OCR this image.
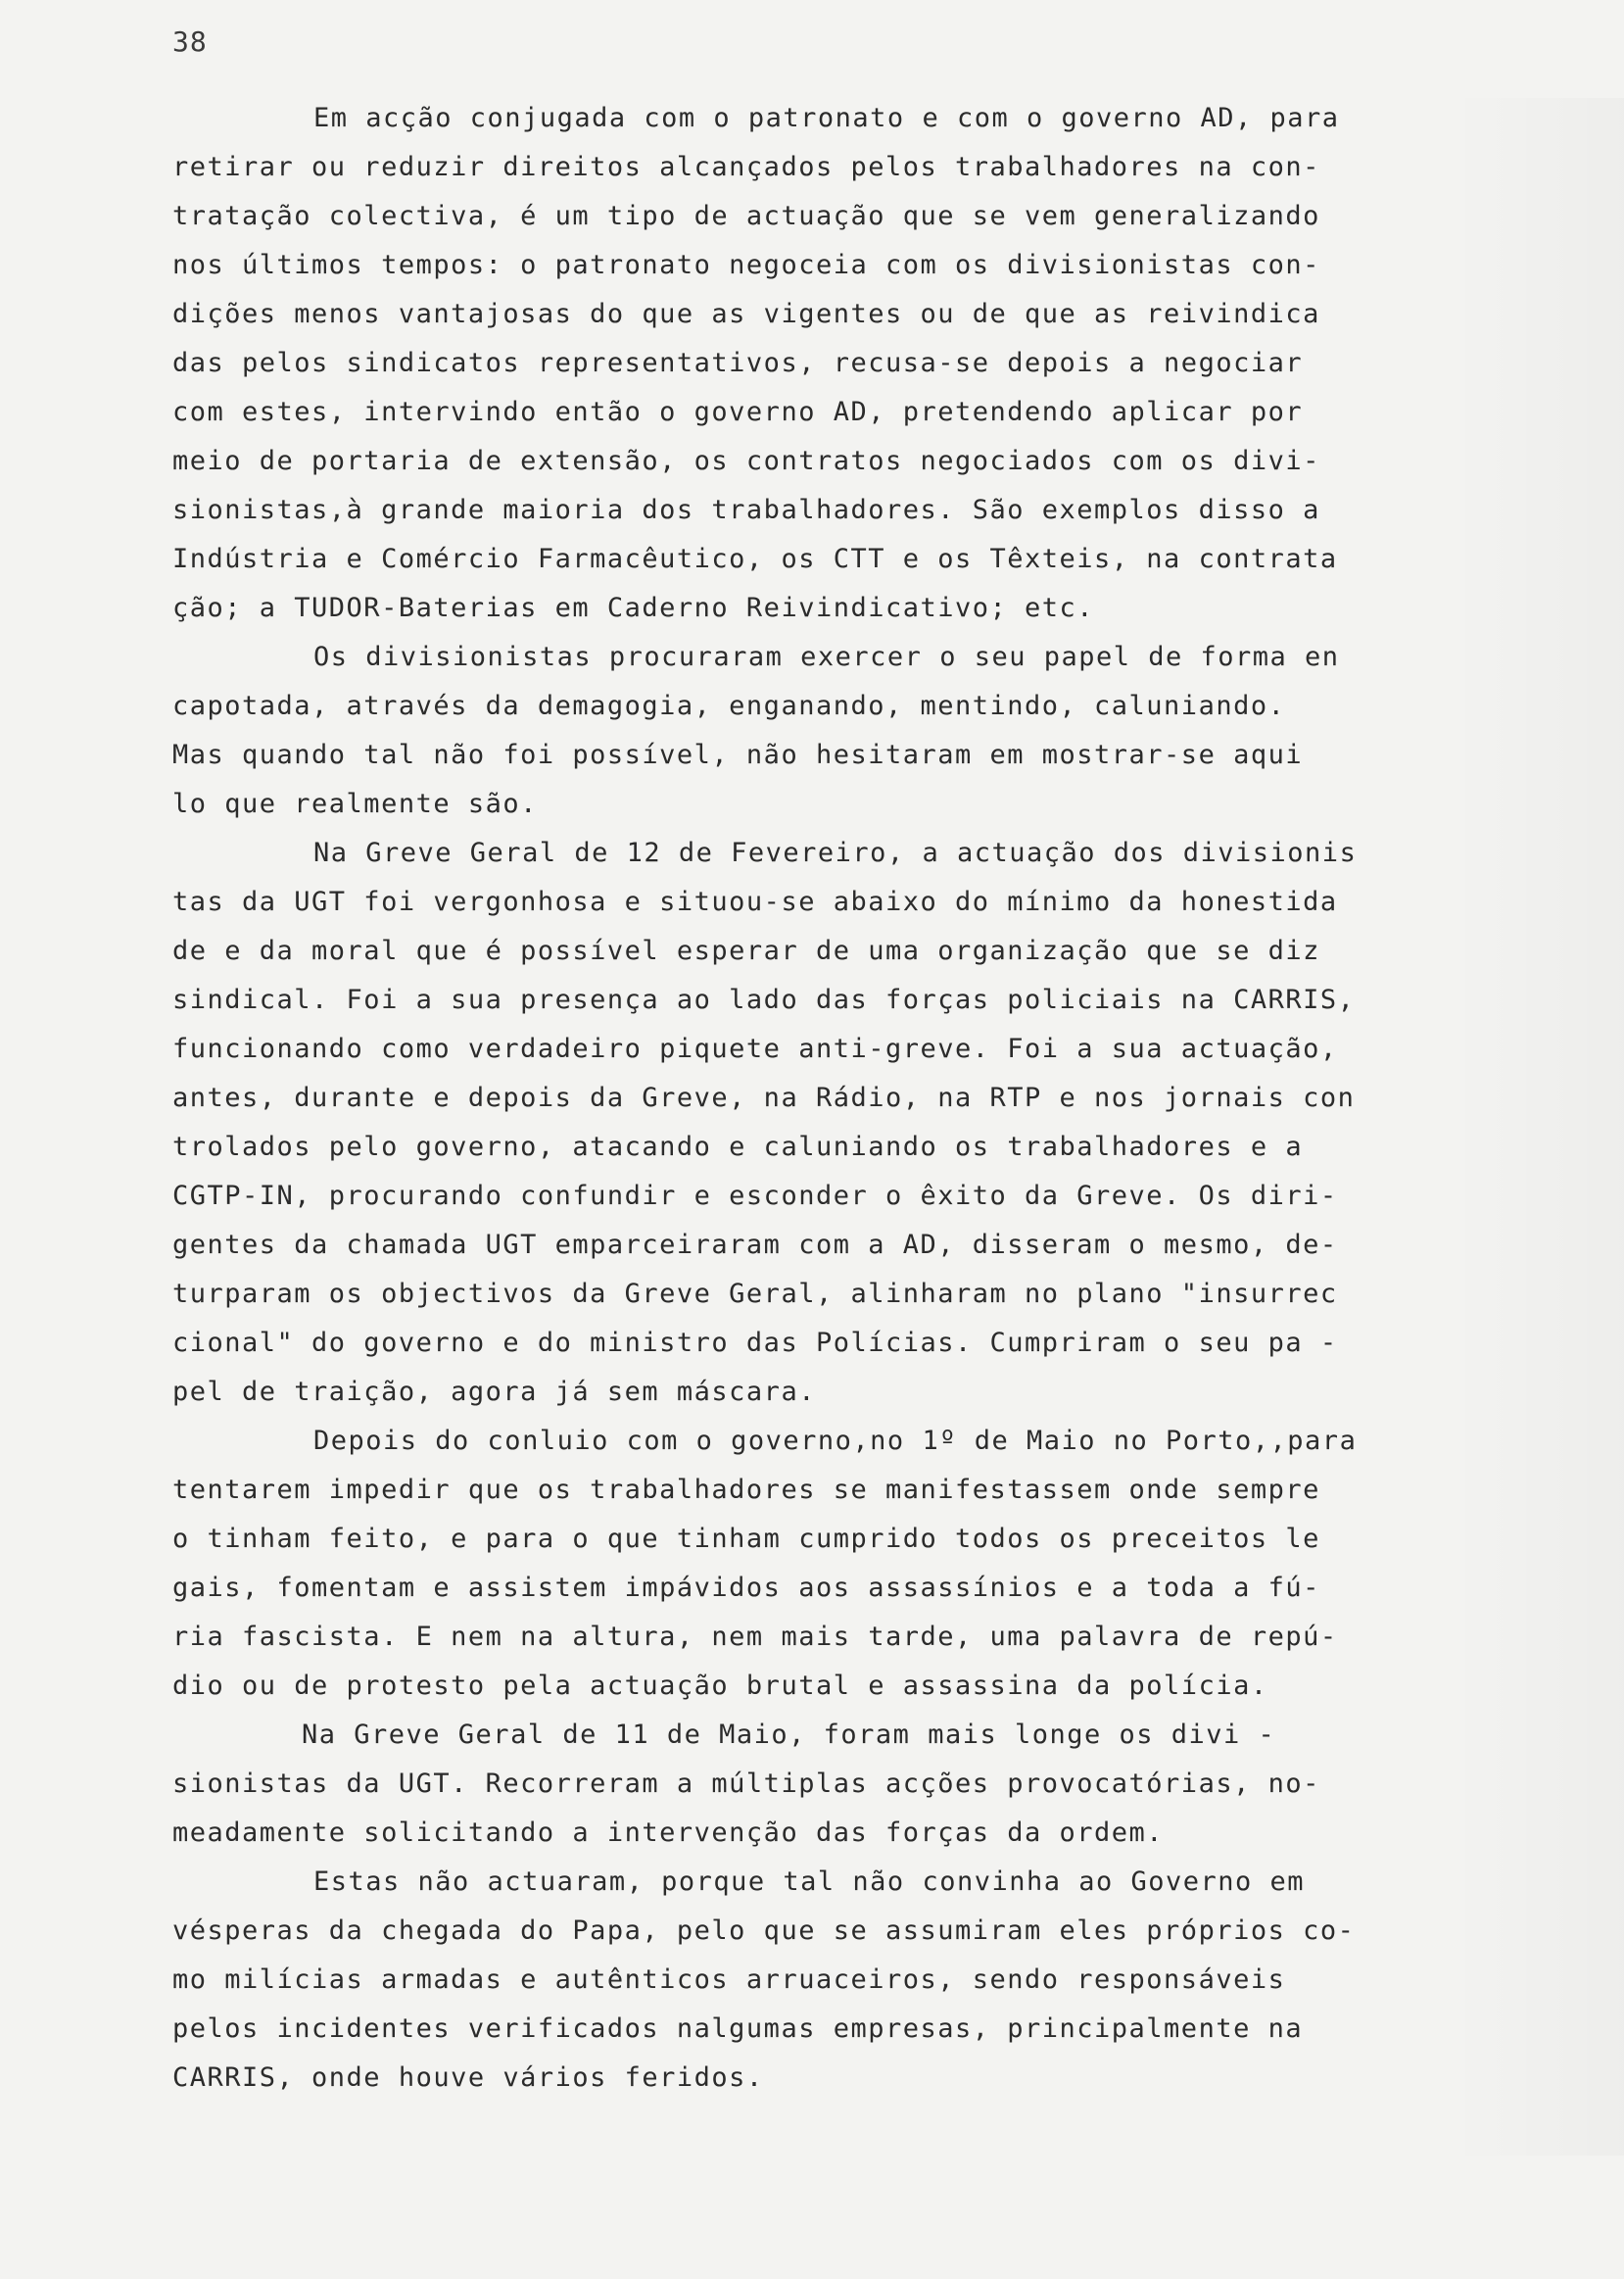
38
Em acção conjugada com o patronato e com o governo AD, para
retirar ou reduzir direitos alcançados pelos trabalhadores na con-
tratação colectiva, é um tipo de actuação que se vem generalizando
nos últimos tempos: o patronato negoceia com os divisionistas con-
dições menos vantajosas do que as vigentes ou de que as reivindica
das pelos sindicatos representativos, recusa-se depois a negociar
com estes, intervindo então o governo AD, pretendendo aplicar por
meio de portaria de extensão, os contratos negociados com os divi-
sionistas,à grande maioria dos trabalhadores. São exemplos disso a
Indústria e Comércio Farmacêutico, os CTT e os Têxteis, na contrata
ção; a TUDOR-Baterias em Caderno Reivindicativo; etc.
Os divisionistas procuraram exercer o seu papel de forma en
capotada, através da demagogia, enganando, mentindo, caluniando.
Mas quando tal não foi possível, não hesitaram em mostrar-se aqui
lo que realmente são.
Na Greve Geral de 12 de Fevereiro, a actuação dos divisionis
tas da UGT foi vergonhosa e situou-se abaixo do mínimo da honestida
de e da moral que é possível esperar de uma organização que se diz
sindical. Foi a sua presença ao lado das forças policiais na CARRIS,
funcionando como verdadeiro piquete anti-greve. Foi a sua actuação,
antes, durante e depois da Greve, na Rádio, na RTP e nos jornais con
trolados pelo governo, atacando e caluniando os trabalhadores e a
CGTP-IN, procurando confundir e esconder o êxito da Greve. Os diri-
gentes da chamada UGT emparceiraram com a AD, disseram o mesmo, de-
turparam os objectivos da Greve Geral, alinharam no plano "insurrec
cional" do governo e do ministro das Polícias. Cumpriram o seu pa -
pel de traição, agora já sem máscara.
Depois do conluio com o governo,no 1º de Maio no Porto,,para
tentarem impedir que os trabalhadores se manifestassem onde sempre
o tinham feito, e para o que tinham cumprido todos os preceitos le
gais, fomentam e assistem impávidos aos assassínios e a toda a fú-
ria fascista. E nem na altura, nem mais tarde, uma palavra de repú-
dio ou de protesto pela actuação brutal e assassina da polícia.
Na Greve Geral de 11 de Maio, foram mais longe os divi -
sionistas da UGT. Recorreram a múltiplas acções provocatórias, no-
meadamente solicitando a intervenção das forças da ordem.
Estas não actuaram, porque tal não convinha ao Governo em
vésperas da chegada do Papa, pelo que se assumiram eles próprios co-
mo milícias armadas e autênticos arruaceiros, sendo responsáveis
pelos incidentes verificados nalgumas empresas, principalmente na
CARRIS, onde houve vários feridos.
